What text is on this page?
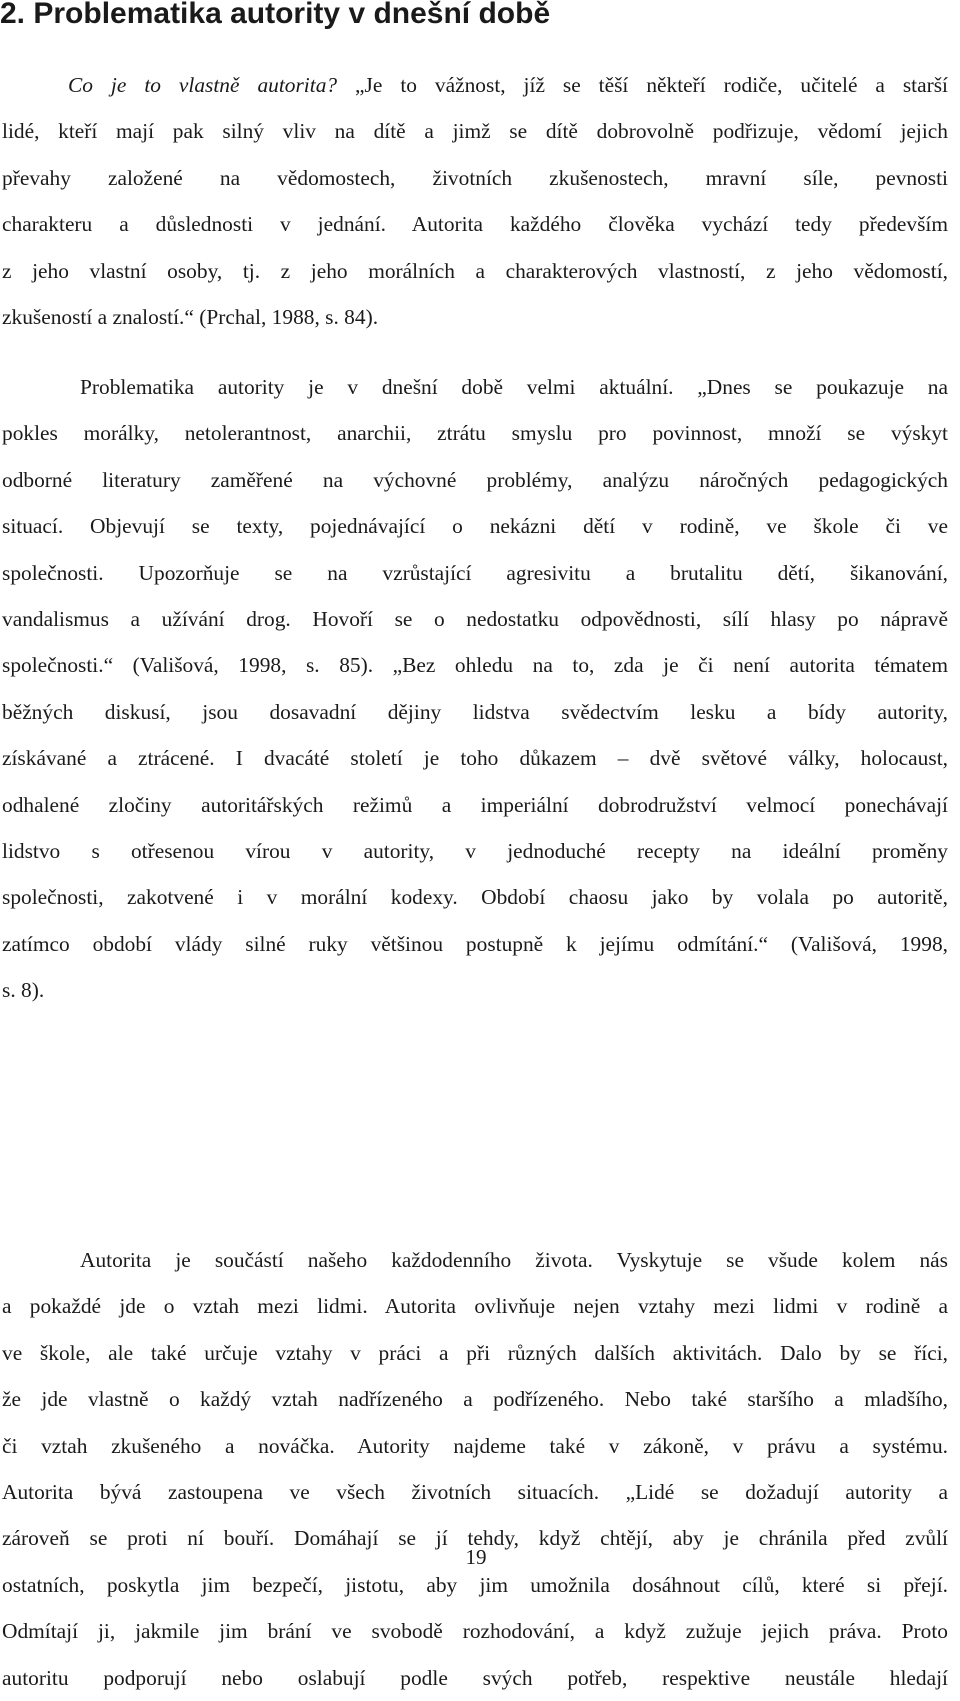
2. Problematika autority v dnešní době
Co je to vlastně autorita? „Je to vážnost, jíž se těší někteří rodiče, učitelé a starší
lidé, kteří mají pak silný vliv na dítě a jimž se dítě dobrovolně podřizuje, vědomí jejich
převahy založené na vědomostech, životních zkušenostech, mravní síle, pevnosti
charakteru a důslednosti v jednání. Autorita každého člověka vychází tedy především
z jeho vlastní osoby, tj. z jeho morálních a charakterových vlastností, z jeho vědomostí,
zkušeností a znalostí.“ (Prchal, 1988, s. 84).
Problematika autority je v dnešní době velmi aktuální. „Dnes se poukazuje na
pokles morálky, netolerantnost, anarchii, ztrátu smyslu pro povinnost, množí se výskyt
odborné literatury zaměřené na výchovné problémy, analýzu náročných pedagogických
situací. Objevují se texty, pojednávající o nekázni dětí v rodině, ve škole či ve
společnosti. Upozorňuje se na vzrůstající agresivitu a brutalitu dětí, šikanování,
vandalismus a užívání drog. Hovoří se o nedostatku odpovědnosti, sílí hlasy po nápravě
společnosti.“ (Vališová, 1998, s. 85). „Bez ohledu na to, zda je či není autorita tématem
běžných diskusí, jsou dosavadní dějiny lidstva svědectvím lesku a bídy autority,
získávané a ztrácené. I dvacáté století je toho důkazem – dvě světové války, holocaust,
odhalené zločiny autoritářských režimů a imperiální dobrodružství velmocí ponechávají
lidstvo s otřesenou vírou v autority, v jednoduché recepty na ideální proměny
společnosti, zakotvené i v morální kodexy. Období chaosu jako by volala po autoritě,
zatímco období vlády silné ruky většinou postupně k jejímu odmítání.“ (Vališová, 1998,
s. 8).
Autorita je součástí našeho každodenního života. Vyskytuje se všude kolem nás
a pokaždé jde o vztah mezi lidmi. Autorita ovlivňuje nejen vztahy mezi lidmi v rodině a
ve škole, ale také určuje vztahy v práci a při různých dalších aktivitách. Dalo by se říci,
že jde vlastně o každý vztah nadřízeného a podřízeného. Nebo také staršího a mladšího,
či vztah zkušeného a nováčka. Autority najdeme také v zákoně, v právu a systému.
Autorita bývá zastoupena ve všech životních situacích. „Lidé se dožadují autority a
zároveň se proti ní bouří. Domáhají se jí tehdy, když chtějí, aby je chránila před zvůlí
ostatních, poskytla jim bezpečí, jistotu, aby jim umožnila dosáhnout cílů, které si přejí.
Odmítají ji, jakmile jim brání ve svobodě rozhodování, a když zužuje jejich práva. Proto
autoritu podporují nebo oslabují podle svých potřeb, respektive neustále hledají
19
